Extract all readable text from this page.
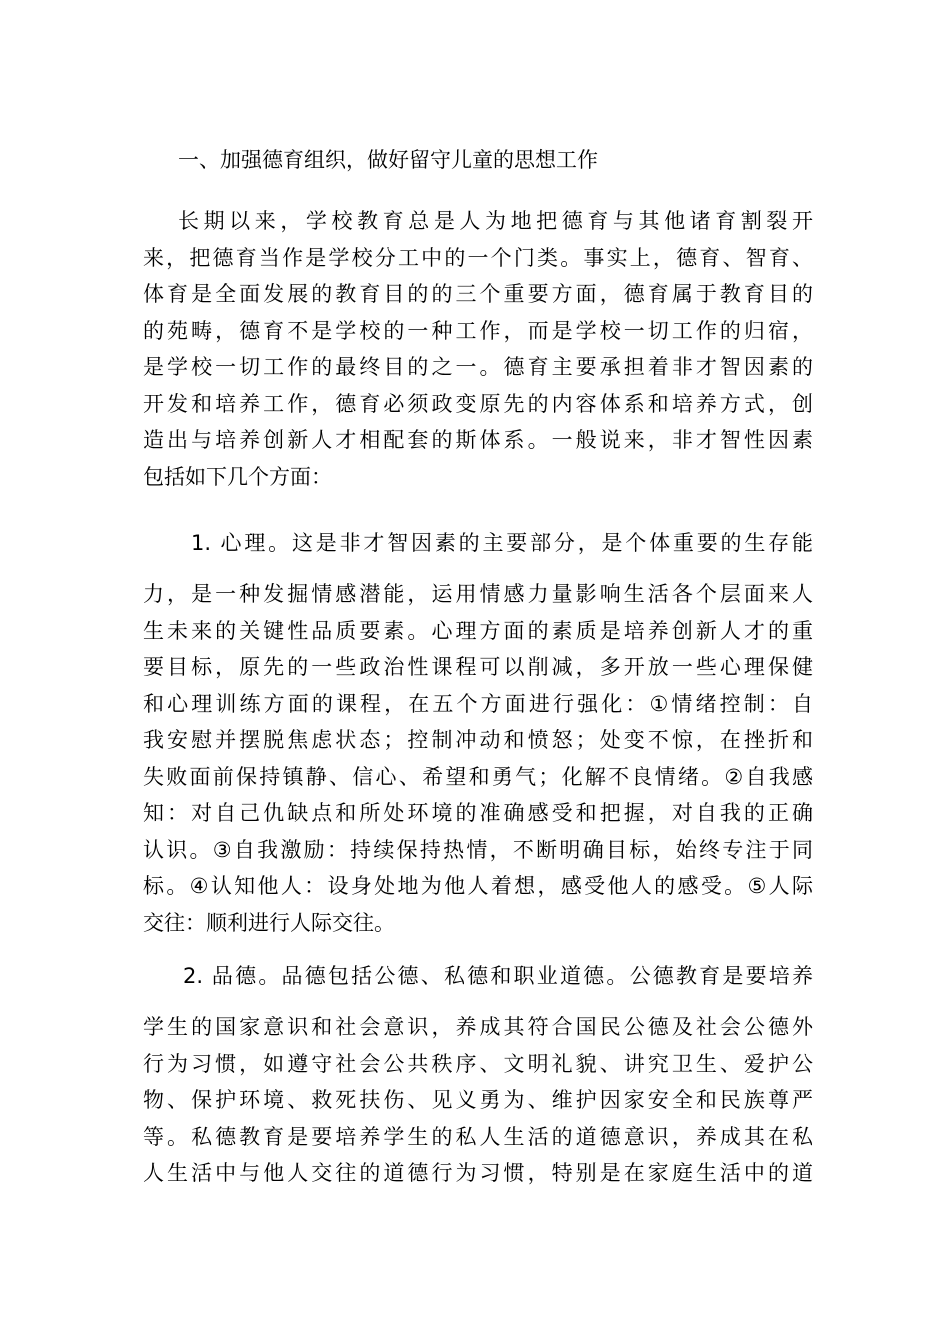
一、加强德育组织，做好留守儿童的思想工作
长期以来，学校教育总是人为地把德育与其他诸育割裂开
来，把德育当作是学校分工中的一个门类。事实上，德育、智育、
体育是全面发展的教育目的的三个重要方面，德育属于教育目的
的苑畴，德育不是学校的一种工作，而是学校一切工作的归宿，
是学校一切工作的最终目的之一。德育主要承担着非才智因素的
开发和培养工作，德育必须政变原先的内容体系和培养方式，创
造出与培养创新人才相配套的斯体系。一般说来，非才智性因素
包括如下几个方面：
1. 心理。这是非才智因素的主要部分，是个体重要的生存能
力，是一种发掘情感潜能，运用情感力量影响生活各个层面来人
生未来的关键性品质要素。心理方面的素质是培养创新人才的重
要目标，原先的一些政治性课程可以削减，多开放一些心理保健
和心理训练方面的课程，在五个方面进行强化：①情绪控制：自
我安慰并摆脱焦虑状态；控制冲动和愤怒；处变不惊，在挫折和
失败面前保持镇静、信心、希望和勇气；化解不良情绪。②自我感
知：对自己仇缺点和所处环境的准确感受和把握，对自我的正确
认识。③自我激励：持续保持热情，不断明确目标，始终专注于同
标。④认知他人：设身处地为他人着想，感受他人的感受。⑤人际
交往：顺利进行人际交往。
2. 品德。品德包括公德、私德和职业道德。公德教育是要培养
学生的国家意识和社会意识，养成其符合国民公德及社会公德外
行为习惯，如遵守社会公共秩序、文明礼貌、讲究卫生、爱护公
物、保护环境、救死扶伤、见义勇为、维护因家安全和民族尊严
等。私德教育是要培养学生的私人生活的道德意识，养成其在私
人生活中与他人交往的道德行为习惯，特别是在家庭生活中的道
